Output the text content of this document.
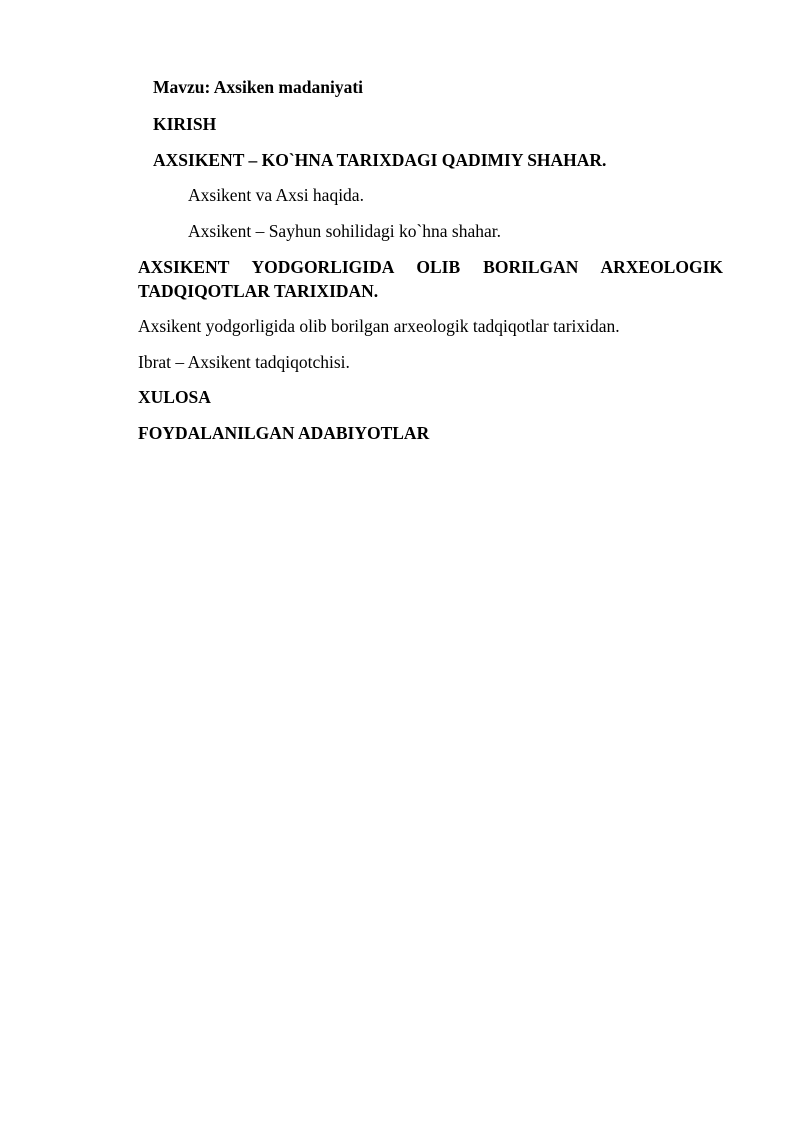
Mavzu: Axsiken madaniyati
KIRISH
AXSIKENT – KO`HNA TARIXDAGI QADIMIY SHAHAR.
Axsikent va Axsi haqida.
Axsikent – Sayhun sohilidagi ko`hna shahar.
AXSIKENT YODGORLIGIDA OLIB BORILGAN ARXEOLOGIK
TADQIQOTLAR TARIXIDAN.
Axsikent yodgorligida olib borilgan arxeologik tadqiqotlar tarixidan.
Ibrat – Axsikent tadqiqotchisi.
XULOSA
FOYDALANILGAN ADABIYOTLAR
